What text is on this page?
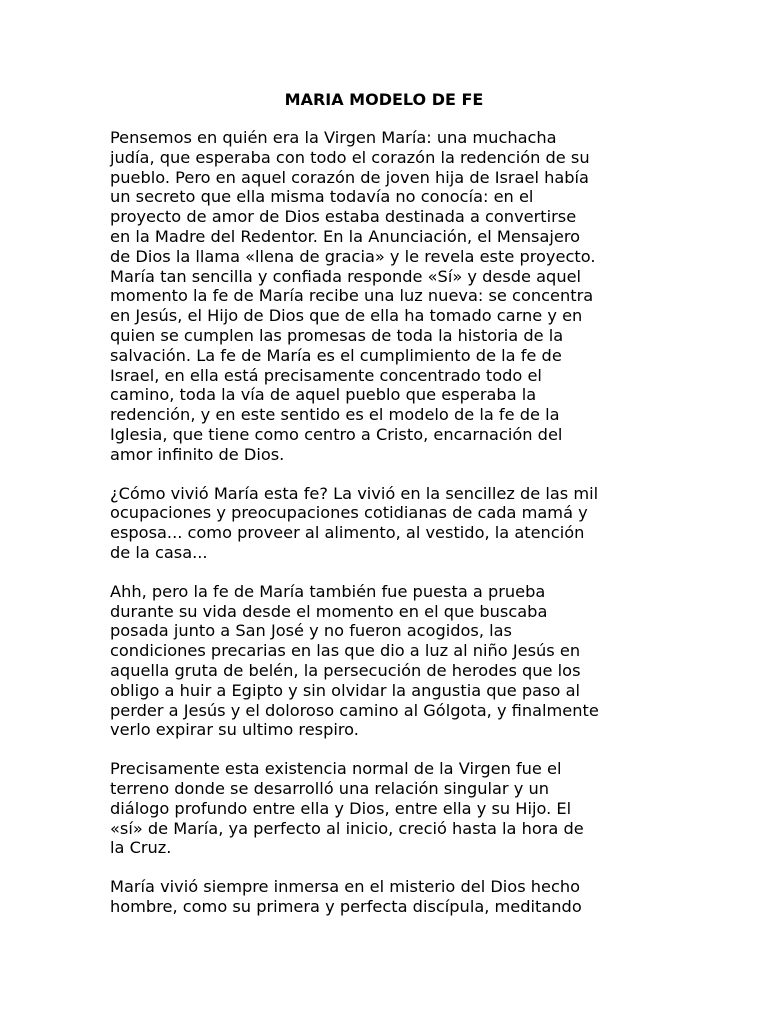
MARIA MODELO DE FE

Pensemos en quién era la Virgen María: una muchacha
judía, que esperaba con todo el corazón la redención de su
pueblo. Pero en aquel corazón de joven hija de Israel había
un secreto que ella misma todavía no conocía: en el
proyecto de amor de Dios estaba destinada a convertirse
en la Madre del Redentor. En la Anunciación, el Mensajero
de Dios la llama «llena de gracia» y le revela este proyecto.
María tan sencilla y confiada responde «Sí» y desde aquel
momento la fe de María recibe una luz nueva: se concentra
en Jesús, el Hijo de Dios que de ella ha tomado carne y en
quien se cumplen las promesas de toda la historia de la
salvación. La fe de María es el cumplimiento de la fe de
Israel, en ella está precisamente concentrado todo el
camino, toda la vía de aquel pueblo que esperaba la
redención, y en este sentido es el modelo de la fe de la
Iglesia, que tiene como centro a Cristo, encarnación del
amor infinito de Dios.

¿Cómo vivió María esta fe? La vivió en la sencillez de las mil
ocupaciones y preocupaciones cotidianas de cada mamá y
esposa... como proveer al alimento, al vestido, la atención
de la casa...

Ahh, pero la fe de María también fue puesta a prueba
durante su vida desde el momento en el que buscaba
posada junto a San José y no fueron acogidos, las
condiciones precarias en las que dio a luz al niño Jesús en
aquella gruta de belén, la persecución de herodes que los
obligo a huir a Egipto y sin olvidar la angustia que paso al
perder a Jesús y el doloroso camino al Gólgota, y finalmente
verlo expirar su ultimo respiro.

Precisamente esta existencia normal de la Virgen fue el
terreno donde se desarrolló una relación singular y un
diálogo profundo entre ella y Dios, entre ella y su Hijo. El
«sí» de María, ya perfecto al inicio, creció hasta la hora de
la Cruz.

María vivió siempre inmersa en el misterio del Dios hecho
hombre, como su primera y perfecta discípula, meditando
